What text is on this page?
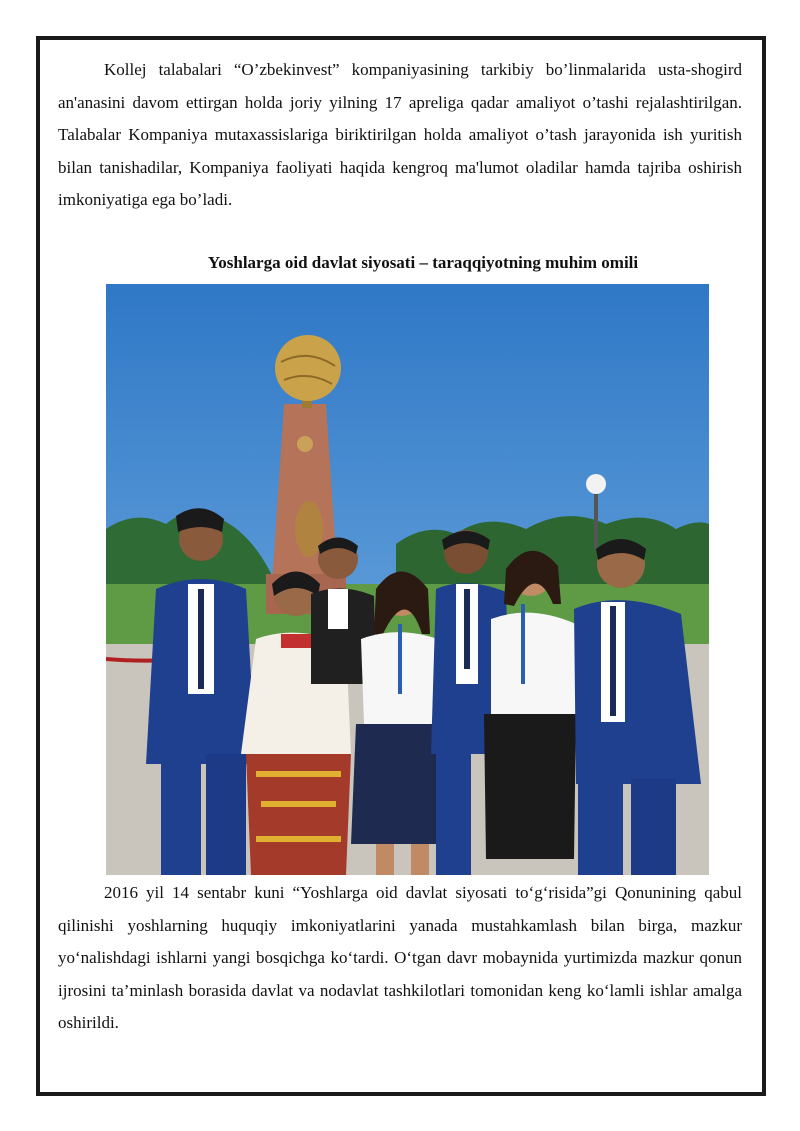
Kollej talabalari “O’zbekinvest” kompaniyasining tarkibiy bo’linmalarida usta-shogird an'anasini davom ettirgan holda joriy yilning 17 apreliga qadar amaliyot o’tashi rejalashtirilgan. Talabalar Kompaniya mutaxassislariga biriktirilgan holda amaliyot o’tash jarayonida ish yuritish bilan tanishadilar, Kompaniya faoliyati haqida kengroq ma'lumot oladilar hamda tajriba oshirish imkoniyatiga ega bo’ladi.

Yoshlarga oid davlat siyosati – taraqqiyotning muhim omili

2016 yil 14 sentabr kuni “Yoshlarga oid davlat siyosati to‘g‘risida”gi Qonunining qabul qilinishi yoshlarning huquqiy imkoniyatlarini yanada mustahkamlash bilan birga, mazkur yo‘nalishdagi ishlarni yangi bosqichga ko‘tardi. O‘tgan davr mobaynida yurtimizda mazkur qonun ijrosini ta’minlash borasida davlat va nodavlat tashkilotlari tomonidan keng ko‘lamli ishlar amalga oshirildi.
